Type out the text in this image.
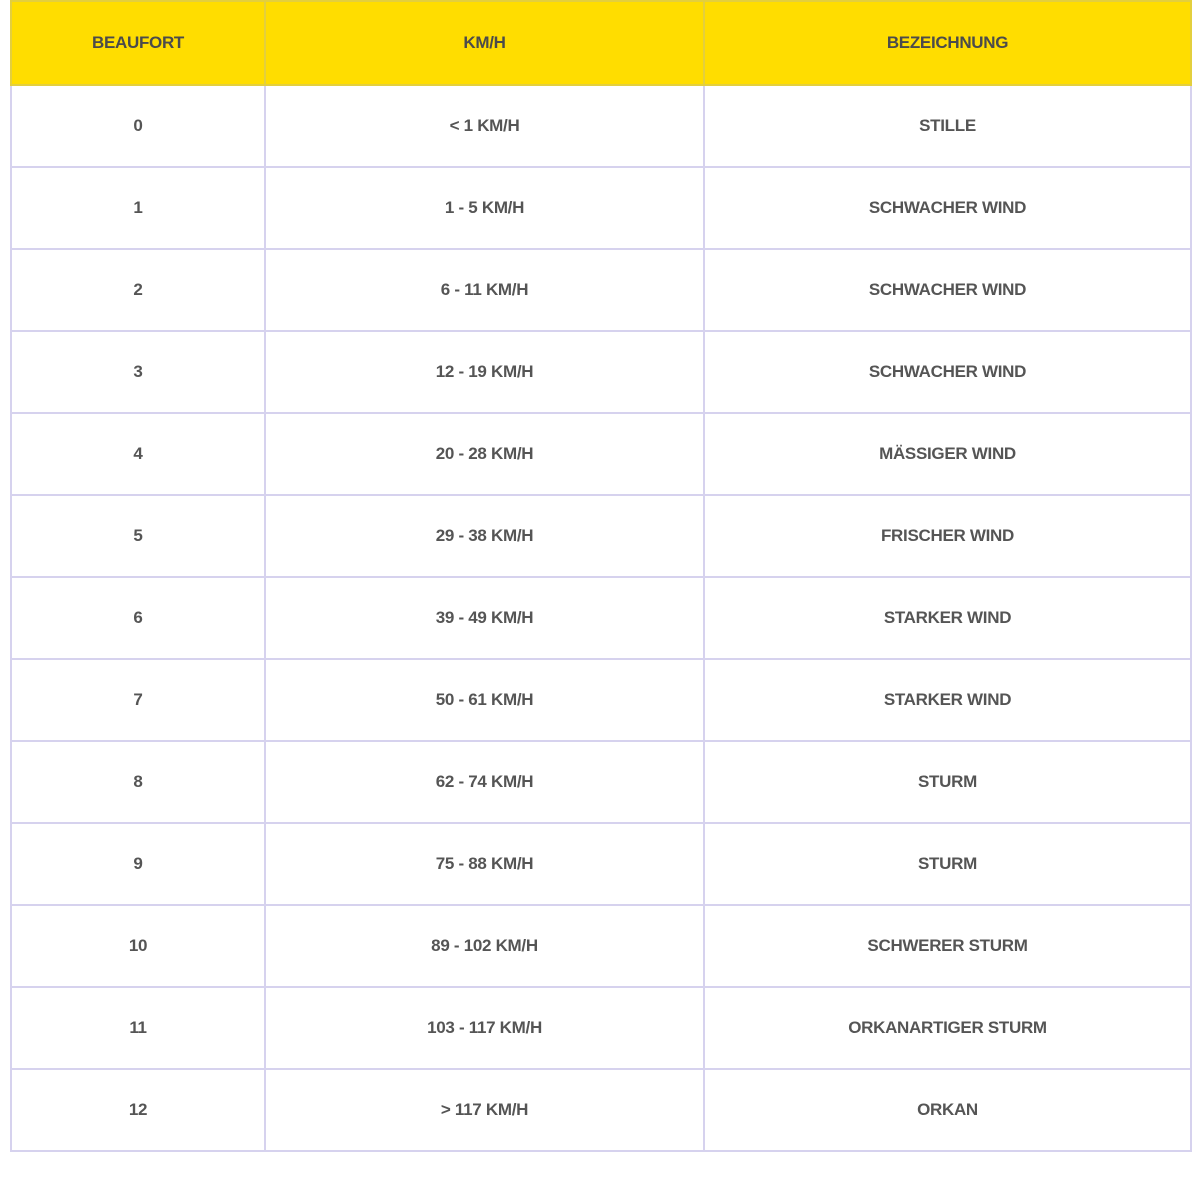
BEAUFORT	KM/H	BEZEICHNUNG
0	< 1 KM/H	STILLE
1	1 - 5 KM/H	SCHWACHER WIND
2	6 - 11 KM/H	SCHWACHER WIND
3	12 - 19 KM/H	SCHWACHER WIND
4	20 - 28 KM/H	MÄSSIGER WIND
5	29 - 38 KM/H	FRISCHER WIND
6	39 - 49 KM/H	STARKER WIND
7	50 - 61 KM/H	STARKER WIND
8	62 - 74 KM/H	STURM
9	75 - 88 KM/H	STURM
10	89 - 102 KM/H	SCHWERER STURM
11	103 - 117 KM/H	ORKANARTIGER STURM
12	> 117 KM/H	ORKAN
